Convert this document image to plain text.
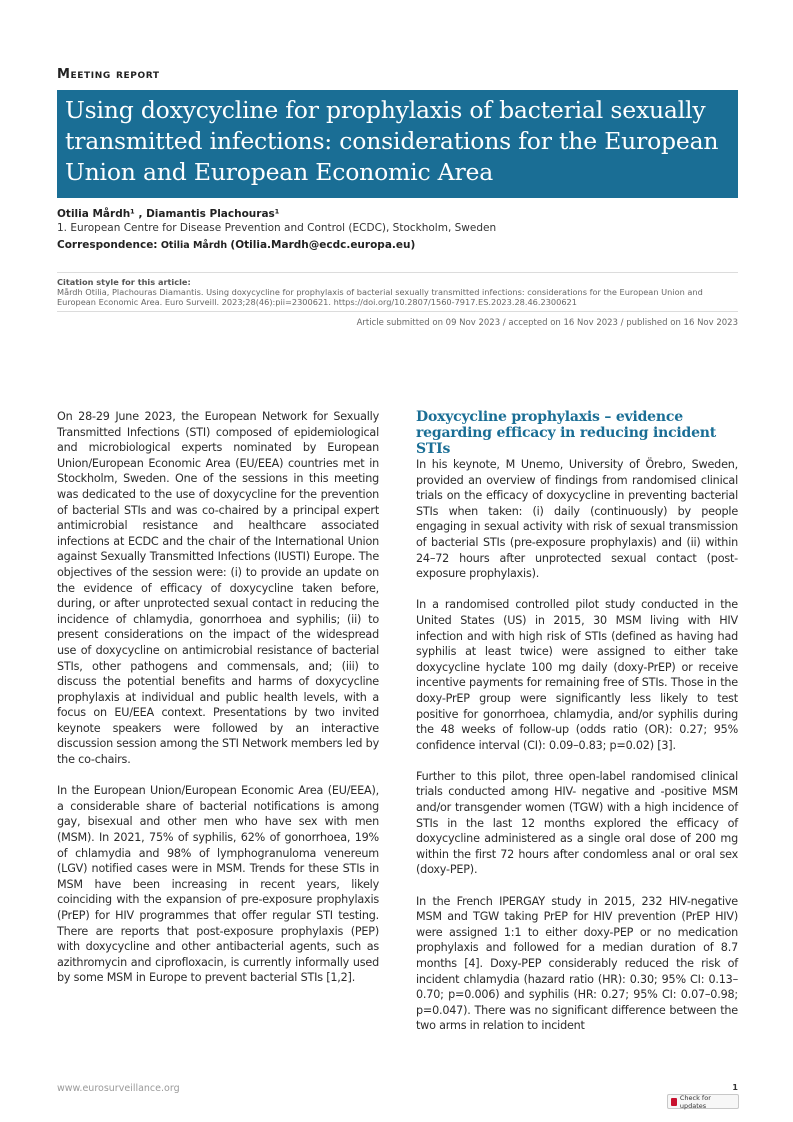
Meeting report
Using doxycycline for prophylaxis of bacterial sexually transmitted infections: considerations for the European Union and European Economic Area
Otilia Mårdh¹ , Diamantis Plachouras¹
1. European Centre for Disease Prevention and Control (ECDC), Stockholm, Sweden
Correspondence: Otilia Mårdh (Otilia.Mardh@ecdc.europa.eu)
Citation style for this article:
Mårdh Otilia, Plachouras Diamantis. Using doxycycline for prophylaxis of bacterial sexually transmitted infections: considerations for the European Union and European Economic Area. Euro Surveill. 2023;28(46):pii=2300621. https://doi.org/10.2807/1560-7917.ES.2023.28.46.2300621
Article submitted on 09 Nov 2023 / accepted on 16 Nov 2023 / published on 16 Nov 2023

On 28-29 June 2023, the European Network for Sexually Transmitted Infections (STI) composed of epidemiological and microbiological experts nominated by European Union/European Economic Area (EU/EEA) countries met in Stockholm, Sweden. One of the sessions in this meeting was dedicated to the use of doxycycline for the prevention of bacterial STIs and was co-chaired by a principal expert antimicrobial resistance and healthcare associated infections at ECDC and the chair of the International Union against Sexually Transmitted Infections (IUSTI) Europe. The objectives of the session were: (i) to provide an update on the evidence of efficacy of doxycycline taken before, during, or after unprotected sexual contact in reducing the incidence of chlamydia, gonorrhoea and syphilis; (ii) to present considerations on the impact of the widespread use of doxycycline on antimicrobial resistance of bacterial STIs, other pathogens and commensals, and; (iii) to discuss the potential benefits and harms of doxycycline prophylaxis at individual and public health levels, with a focus on EU/EEA context. Presentations by two invited keynote speakers were followed by an interactive discussion session among the STI Network members led by the co-chairs.

In the European Union/European Economic Area (EU/EEA), a considerable share of bacterial notifications is among gay, bisexual and other men who have sex with men (MSM). In 2021, 75% of syphilis, 62% of gonorrhoea, 19% of chlamydia and 98% of lymphogranuloma venereum (LGV) notified cases were in MSM. Trends for these STIs in MSM have been increasing in recent years, likely coinciding with the expansion of pre-exposure prophylaxis (PrEP) for HIV programmes that offer regular STI testing. There are reports that post-exposure prophylaxis (PEP) with doxycycline and other antibacterial agents, such as azithromycin and ciprofloxacin, is currently informally used by some MSM in Europe to prevent bacterial STIs [1,2].

Doxycycline prophylaxis – evidence regarding efficacy in reducing incident STIs

In his keynote, M Unemo, University of Örebro, Sweden, provided an overview of findings from randomised clinical trials on the efficacy of doxycycline in preventing bacterial STIs when taken: (i) daily (continuously) by people engaging in sexual activity with risk of sexual transmission of bacterial STIs (pre-exposure prophylaxis) and (ii) within 24–72 hours after unprotected sexual contact (post-exposure prophylaxis).

In a randomised controlled pilot study conducted in the United States (US) in 2015, 30 MSM living with HIV infection and with high risk of STIs (defined as having had syphilis at least twice) were assigned to either take doxycycline hyclate 100 mg daily (doxy-PrEP) or receive incentive payments for remaining free of STIs. Those in the doxy-PrEP group were significantly less likely to test positive for gonorrhoea, chlamydia, and/or syphilis during the 48 weeks of follow-up (odds ratio (OR): 0.27; 95% confidence interval (CI): 0.09–0.83; p=0.02) [3].

Further to this pilot, three open-label randomised clinical trials conducted among HIV- negative and -positive MSM and/or transgender women (TGW) with a high incidence of STIs in the last 12 months explored the efficacy of doxycycline administered as a single oral dose of 200 mg within the first 72 hours after condomless anal or oral sex (doxy-PEP).

In the French IPERGAY study in 2015, 232 HIV-negative MSM and TGW taking PrEP for HIV prevention (PrEP HIV) were assigned 1:1 to either doxy-PEP or no medication prophylaxis and followed for a median duration of 8.7 months [4]. Doxy-PEP considerably reduced the risk of incident chlamydia (hazard ratio (HR): 0.30; 95% CI: 0.13–0.70; p=0.006) and syphilis (HR: 0.27; 95% CI: 0.07–0.98; p=0.047). There was no significant difference between the two arms in relation to incident

www.eurosurveillance.org	1
Check for updates
